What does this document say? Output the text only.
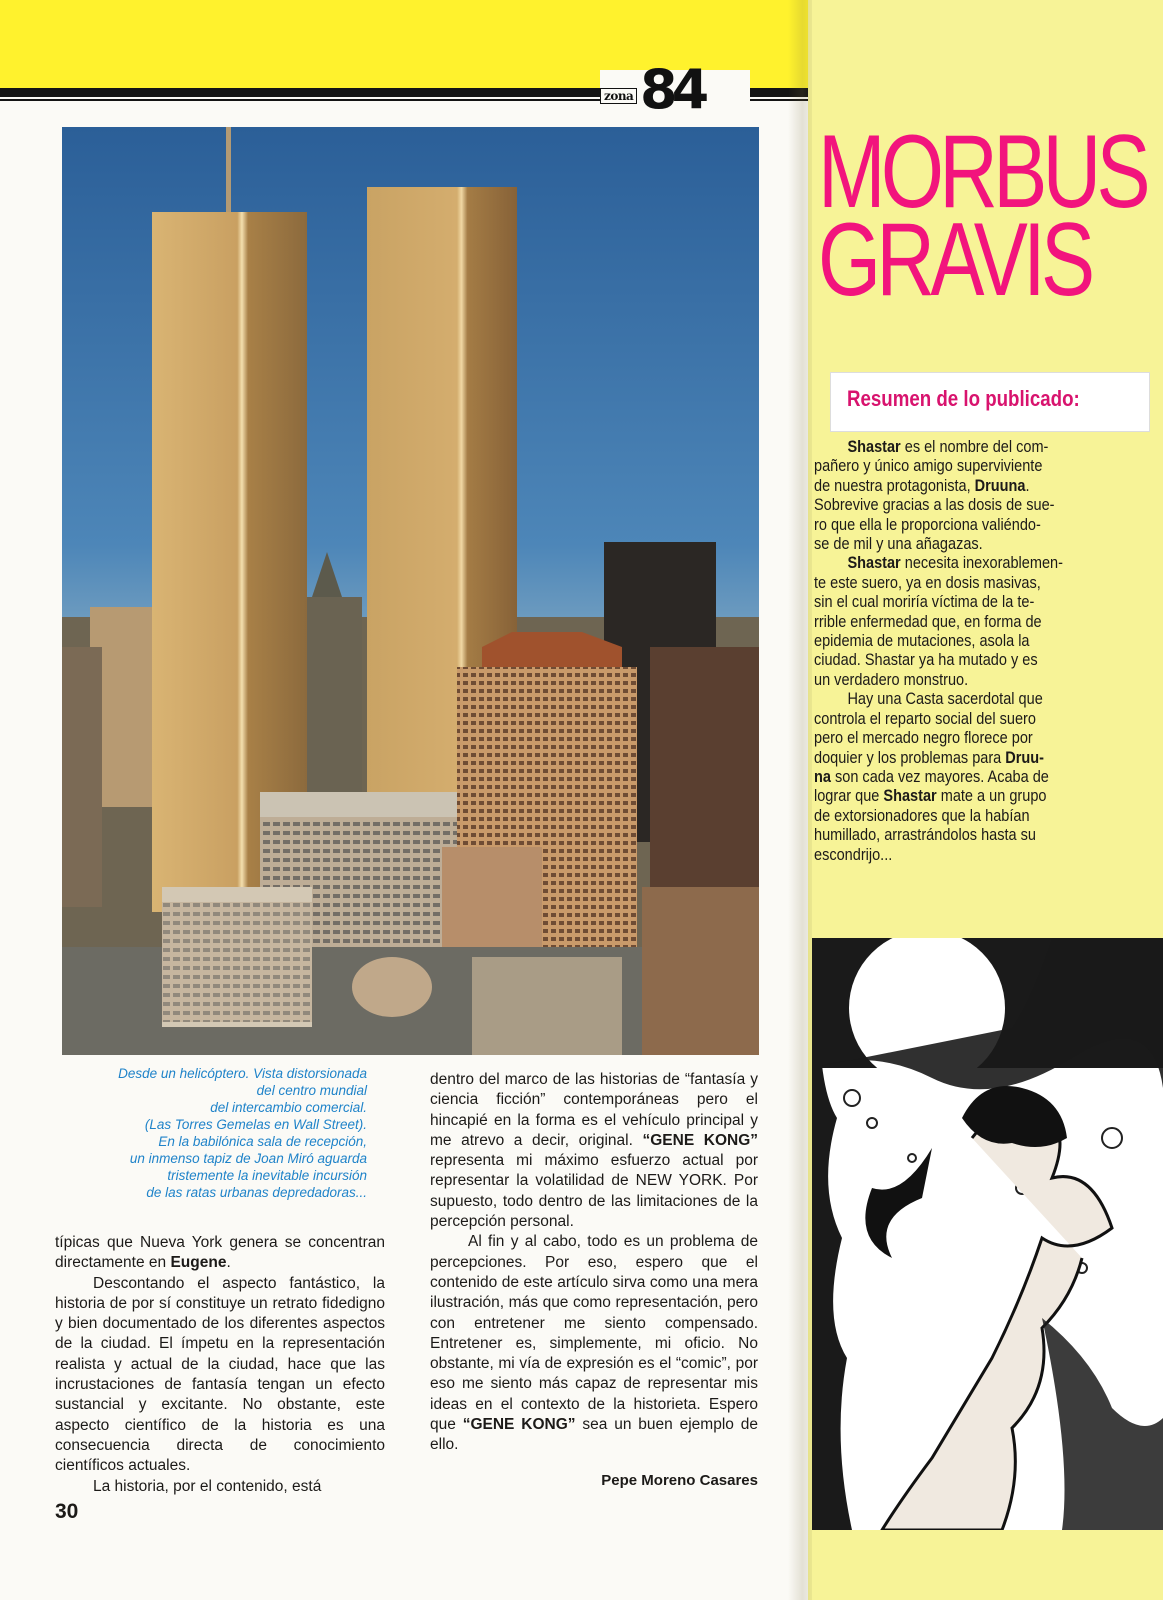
zona 84
Desde un helicóptero. Vista distorsionada
del centro mundial
del intercambio comercial.
(Las Torres Gemelas en Wall Street).
En la babilónica sala de recepción,
un inmenso tapiz de Joan Miró aguarda
tristemente la inevitable incursión
de las ratas urbanas depredadoras...

típicas que Nueva York genera se concentran directamente en Eugene.

Descontando el aspecto fantástico, la historia de por sí constituye un retrato fidedigno y bien documentado de los diferentes aspectos de la ciudad. El ímpetu en la representación realista y actual de la ciudad, hace que las incrustaciones de fantasía tengan un efecto sustancial y excitante. No obstante, este aspecto científico de la historia es una consecuencia directa de conocimiento científicos actuales.

La historia, por el contenido, está

dentro del marco de las historias de “fantasía y ciencia ficción” contemporáneas pero el hincapié en la forma es el vehículo principal y me atrevo a decir, original. “GENE KONG” representa mi máximo esfuerzo actual por representar la volatilidad de NEW YORK. Por supuesto, todo dentro de las limitaciones de la percepción personal.

Al fin y al cabo, todo es un problema de percepciones. Por eso, espero que el contenido de este artículo sirva como una mera ilustración, más que como representación, pero con entretener me siento compensado. Entretener es, simplemente, mi oficio. No obstante, mi vía de expresión es el “comic”, por eso me siento más capaz de representar mis ideas en el contexto de la historieta. Espero que “GENE KONG” sea un buen ejemplo de ello.

Pepe Moreno Casares
30
MORBUS
GRAVIS
Resumen de lo publicado:
Shastar es el nombre del com-
pañero y único amigo superviviente
de nuestra protagonista, Druuna.
Sobrevive gracias a las dosis de sue-
ro que ella le proporciona valiéndo-
se de mil y una añagazas.
Shastar necesita inexorablemen-
te este suero, ya en dosis masivas,
sin el cual moriría víctima de la te-
rrible enfermedad que, en forma de
epidemia de mutaciones, asola la
ciudad. Shastar ya ha mutado y es
un verdadero monstruo.
Hay una Casta sacerdotal que
controla el reparto social del suero
pero el mercado negro florece por
doquier y los problemas para Druu-
na son cada vez mayores. Acaba de
lograr que Shastar mate a un grupo
de extorsionadores que la habían
humillado, arrastrándolos hasta su
escondrijo...
